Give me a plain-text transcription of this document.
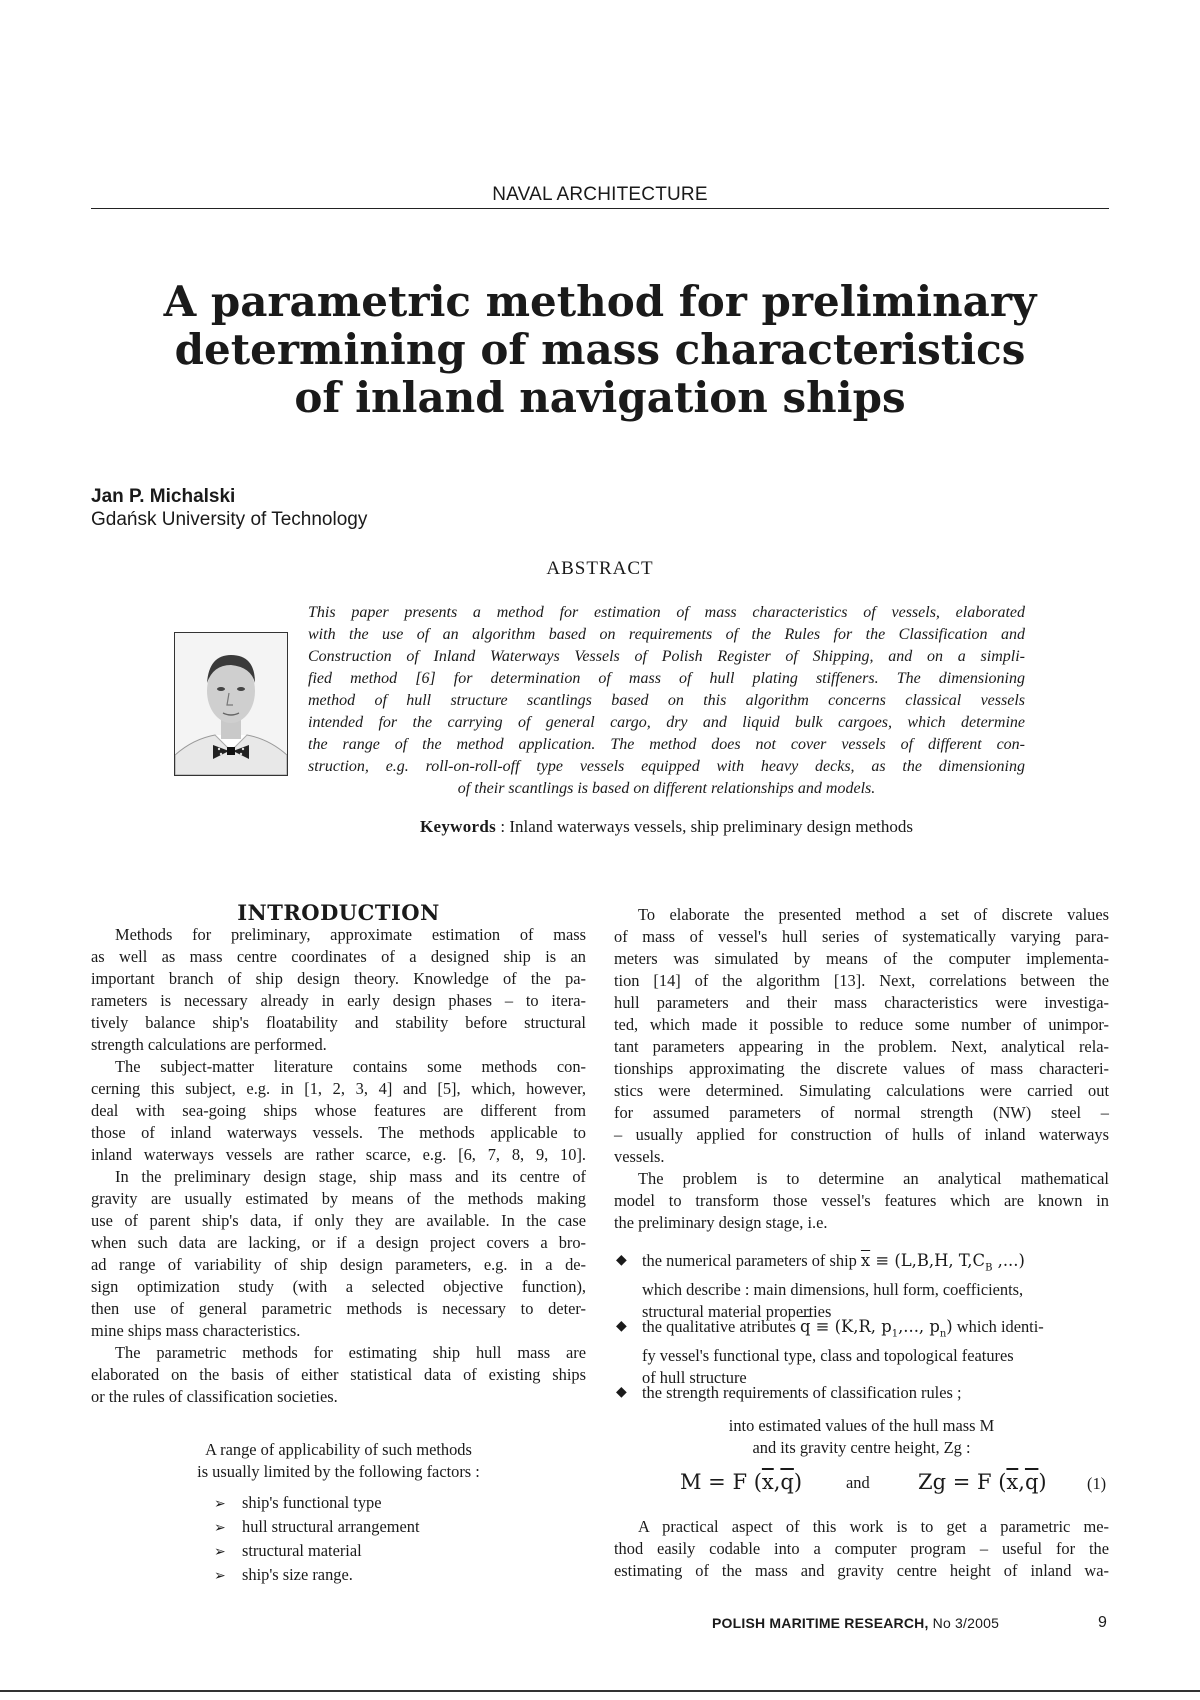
NAVAL ARCHITECTURE
A parametric method for preliminary
determining of mass characteristics
of inland navigation ships
Jan P. Michalski
Gdańsk University of Technology
ABSTRACT
This paper presents a method for estimation of mass characteristics of vessels, elaborated
with the use of an algorithm based on requirements of the Rules for the Classification and
Construction of Inland Waterways Vessels of Polish Register of Shipping, and on a simpli-
fied method [6] for determination of mass of hull plating stiffeners. The dimensioning
method of hull structure scantlings based on this algorithm concerns classical vessels
intended for the carrying of general cargo, dry and liquid bulk cargoes, which determine
the range of the method application. The method does not cover vessels of different con-
struction, e.g. roll-on-roll-off type vessels equipped with heavy decks, as the dimensioning
of their scantlings is based on different relationships and models.
Keywords : Inland waterways vessels, ship preliminary design methods
INTRODUCTION
Methods for preliminary, approximate estimation of mass
as well as mass centre coordinates of a designed ship is an
important branch of ship design theory. Knowledge of the pa-
rameters is necessary already in early design phases – to itera-
tively balance ship's floatability and stability before structural
strength calculations are performed.
The subject-matter literature contains some methods con-
cerning this subject, e.g. in [1, 2, 3, 4] and [5], which, however,
deal with sea-going ships whose features are different from
those of inland waterways vessels. The methods applicable to
inland waterways vessels are rather scarce, e.g. [6, 7, 8, 9, 10].
In the preliminary design stage, ship mass and its centre of
gravity are usually estimated by means of the methods making
use of parent ship's data, if only they are available. In the case
when such data are lacking, or if a design project covers a bro-
ad range of variability of ship design parameters, e.g. in a de-
sign optimization study (with a selected objective function),
then use of general parametric methods is necessary to deter-
mine ships mass characteristics.
The parametric methods for estimating ship hull mass are
elaborated on the basis of either statistical data of existing ships
or the rules of classification societies.
A range of applicability of such methods
is usually limited by the following factors :
➢ ship's functional type
➢ hull structural arrangement
➢ structural material
➢ ship's size range.
To elaborate the presented method a set of discrete values
of mass of vessel's hull series of systematically varying para-
meters was simulated by means of the computer implementa-
tion [14] of the algorithm [13]. Next, correlations between the
hull parameters and their mass characteristics were investiga-
ted, which made it possible to reduce some number of unimpor-
tant parameters appearing in the problem. Next, analytical rela-
tionships approximating the discrete values of mass characteri-
stics were determined. Simulating calculations were carried out
for assumed parameters of normal strength (NW) steel –
– usually applied for construction of hulls of inland waterways
vessels.
The problem is to determine an analytical mathematical
model to transform those vessel's features which are known in
the preliminary design stage, i.e.
◆ the numerical parameters of ship $\overline{x} \equiv (L,B,H$, $T,C_B$ ,...)
which describe : main dimensions, hull form, coefficients,
structural material properties
◆ the qualitative atributes $\overline{q} \equiv (K,R$, $p_1$,..., $p_n$) which identi-
fy vessel's functional type, class and topological features
of hull structure
◆ the strength requirements of classification rules ;
into estimated values of the hull mass M
and its gravity centre height, Zg :
M = F $(\overline{x},\overline{q})$	and Zg = F $(\overline{x},\overline{q})$ (1)
A practical aspect of this work is to get a parametric me-
thod easily codable into a computer program – useful for the
estimating of the mass and gravity centre height of inland wa-
POLISH MARITIME RESEARCH, No 3/2005	9
